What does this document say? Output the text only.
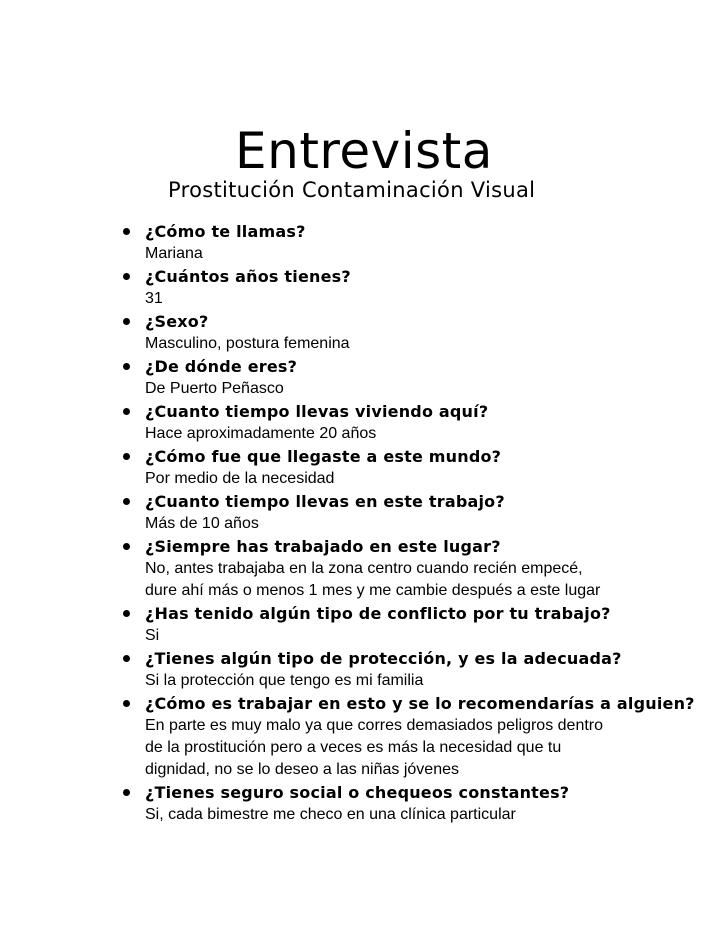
Entrevista
Prostitución Contaminación Visual
¿Cómo te llamas?
Mariana
¿Cuántos años tienes?
31
¿Sexo?
Masculino, postura femenina
¿De dónde eres?
De Puerto Peñasco
¿Cuanto tiempo llevas viviendo aquí?
Hace aproximadamente 20 años
¿Cómo fue que llegaste a este mundo?
Por medio de la necesidad
¿Cuanto tiempo llevas en este trabajo?
Más de 10 años
¿Siempre has trabajado en este lugar?
No, antes trabajaba en la zona centro cuando recién empecé,
dure ahí más o menos 1 mes y me cambie después a este lugar
¿Has tenido algún tipo de conflicto por tu trabajo?
Si
¿Tienes algún tipo de protección, y es la adecuada?
Si la protección que tengo es mi familia
¿Cómo es trabajar en esto y se lo recomendarías a alguien?
En parte es muy malo ya que corres demasiados peligros dentro
de la prostitución pero a veces es más la necesidad que tu
dignidad, no se lo deseo a las niñas jóvenes
¿Tienes seguro social o chequeos constantes?
Si, cada bimestre me checo en una clínica particular
